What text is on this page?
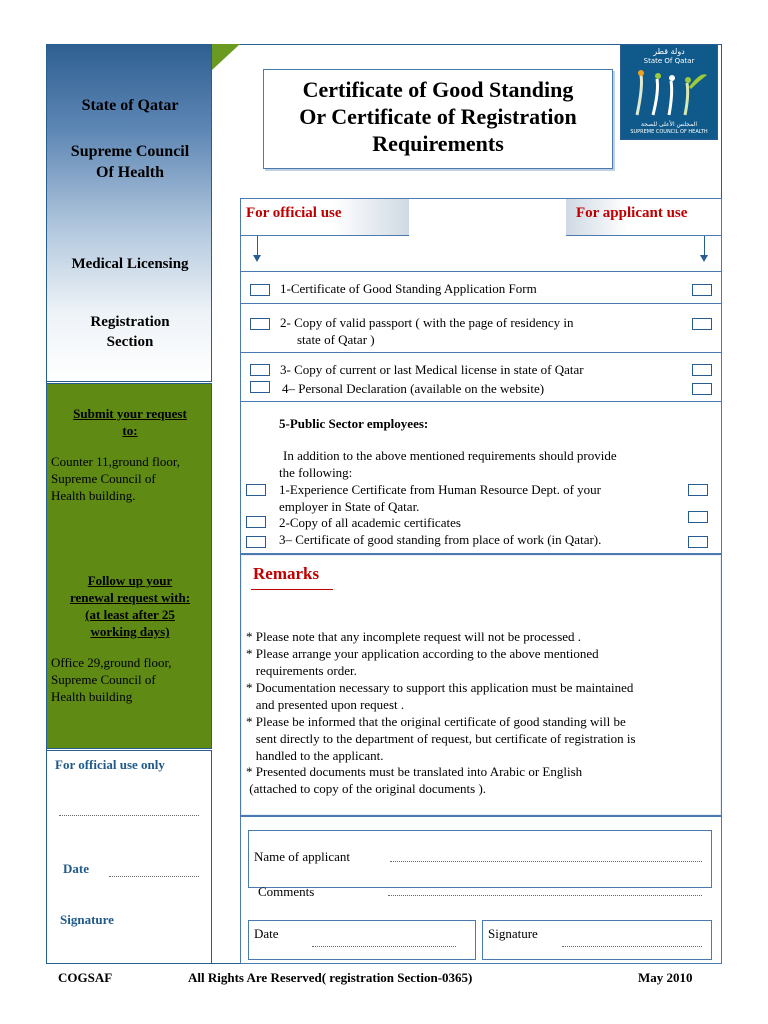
State of Qatar
Supreme Council
Of Health
Medical Licensing
Registration
Section
Submit your request
to:
Counter 11,ground floor,
Supreme Council of
Health building.
Follow up your
renewal request with:
(at least after 25
working days)
Office 29,ground floor,
Supreme Council of
Health building
For official use only
Date
Signature
Certificate of Good Standing
Or Certificate of Registration
Requirements
دولة قطر
State Of Qatar
المجلس الأعلى للصحة
SUPREME COUNCIL OF HEALTH
For official use	For applicant use
1-Certificate of Good Standing Application Form
2- Copy of valid passport ( with the page of residency in
state of Qatar )
3- Copy of current or last Medical license in state of Qatar
4– Personal Declaration (available on the website)
5-Public Sector employees:
In addition to the above mentioned requirements should provide
the following:
1-Experience Certificate from Human Resource Dept. of your
employer in State of Qatar.
2-Copy of all academic certificates
3– Certificate of good standing from place of work (in Qatar).
Remarks
* Please note that any incomplete request will not be processed .
* Please arrange your application according to the above mentioned
requirements order.
* Documentation necessary to support this application must be maintained
and presented upon request .
* Please be informed that the original certificate of good standing will be
sent directly to the department of request, but certificate of registration is
handled to the applicant.
* Presented documents must be translated into Arabic or English
(attached to copy of the original documents ).
Name of applicant
Comments
Date	Signature
COGSAF	All Rights Are Reserved( registration Section-0365)	May 2010
